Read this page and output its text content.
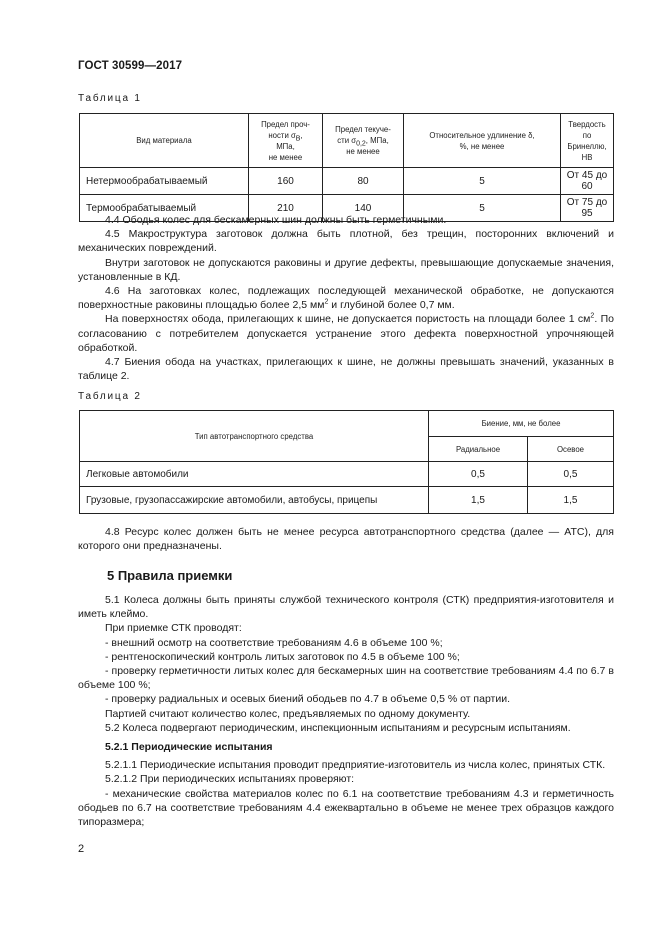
ГОСТ 30599—2017
Таблица 1
Вид материала	Предел проч-
ности $\sigma_B$,
МПа,
не менее	Предел текуче-
сти $\sigma_{0,2}$, МПа,
не менее	Относительное удлинение δ,
%, не менее	Твердость
по Бринеллю,
НВ
Нетермообрабатываемый	160	80	5	От 45 до 60
Термообрабатываемый	210	140	5	От 75 до 95

4.4 Ободья колес для бескамерных шин должны быть герметичными.

4.5 Макроструктура заготовок должна быть плотной, без трещин, посторонних включений и механических повреждений.

Внутри заготовок не допускаются раковины и другие дефекты, превышающие допускаемые значения, установленные в КД.

4.6 На заготовках колес, подлежащих последующей механической обработке, не допускаются поверхностные раковины площадью более 2,5 $мм^2$ и глубиной более 0,7 мм.

На поверхностях обода, прилегающих к шине, не допускается пористость на площади более 1 $см^2$. По согласованию с потребителем допускается устранение этого дефекта поверхностной упрочняющей обработкой.

4.7 Биения обода на участках, прилегающих к шине, не должны превышать значений, указанных в таблице 2.

Таблица 2
Тип автотранспортного средства	Биение, мм, не более	
	Радиальное	Осевое
Легковые автомобили	0,5	0,5
Грузовые, грузопассажирские автомобили, автобусы, прицепы	1,5	1,5

4.8 Ресурс колес должен быть не менее ресурса автотранспортного средства (далее — АТС), для которого они предназначены.

5 Правила приемки

5.1 Колеса должны быть приняты службой технического контроля (СТК) предприятия-изготовителя и иметь клеймо.

При приемке СТК проводят:

- внешний осмотр на соответствие требованиям 4.6 в объеме 100 %;

- рентгеноскопический контроль литых заготовок по 4.5 в объеме 100 %;

- проверку герметичности литых колес для бескамерных шин на соответствие требованиям 4.4 по 6.7 в объеме 100 %;

- проверку радиальных и осевых биений ободьев по 4.7 в объеме 0,5 % от партии.

Партией считают количество колес, предъявляемых по одному документу.

5.2 Колеса подвергают периодическим, инспекционным испытаниям и ресурсным испытаниям.

5.2.1 Периодические испытания

5.2.1.1 Периодические испытания проводит предприятие-изготовитель из числа колес, принятых СТК.

5.2.1.2 При периодических испытаниях проверяют:

- механические свойства материалов колес по 6.1 на соответствие требованиям 4.3 и герметичность ободьев по 6.7 на соответствие требованиям 4.4 ежеквартально в объеме не менее трех образцов каждого типоразмера;

2
